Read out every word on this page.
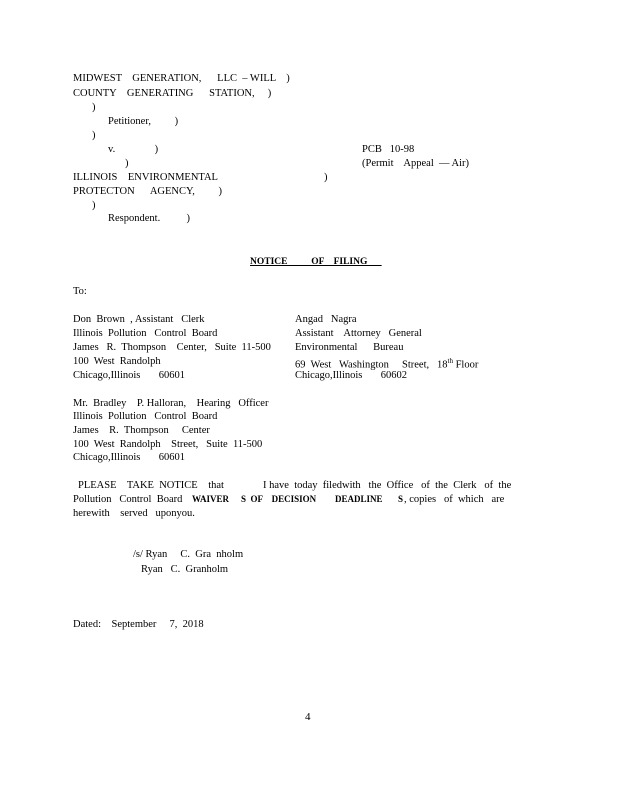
MIDWEST    GENERATION,      LLC  – WILL    )

COUNTY    GENERATING      STATION,     )

)

Petitioner,         )

)

v.               )	PCB   10-98

)	(Permit    Appeal  — Air)

ILLINOIS    ENVIRONMENTAL	)

PROTECTON      AGENCY,         )

)

Respondent.          )

NOTICE          OF    FILING

To:

Don  Brown  , Assistant   Clerk

Illinois  Pollution   Control  Board

James   R.  Thompson    Center,   Suite  11-500

100  West  Randolph

Chicago,Illinois       60601

Angad   Nagra

Assistant    Attorney   General

Environmental      Bureau

69  West   Washington     Street,   18th Floor

Chicago,Illinois       60602

Mr.  Bradley    P. Halloran,    Hearing   Officer

Illinois  Pollution   Control  Board

James    R.  Thompson     Center

100  West  Randolph    Street,   Suite  11-500

Chicago,Illinois       60601

PLEASE    TAKE  NOTICE    that	I have  today  filedwith   the  Office   of  the  Clerk   of  the

Pollution   Control  Board WAIVER S  OF    DECISION DEADLINE S , copies   of  which   are

herewith    served   uponyou.

/s/ Ryan     C.  Gra  nholm

Ryan   C.  Granholm

Dated:    September     7,  2018

4
